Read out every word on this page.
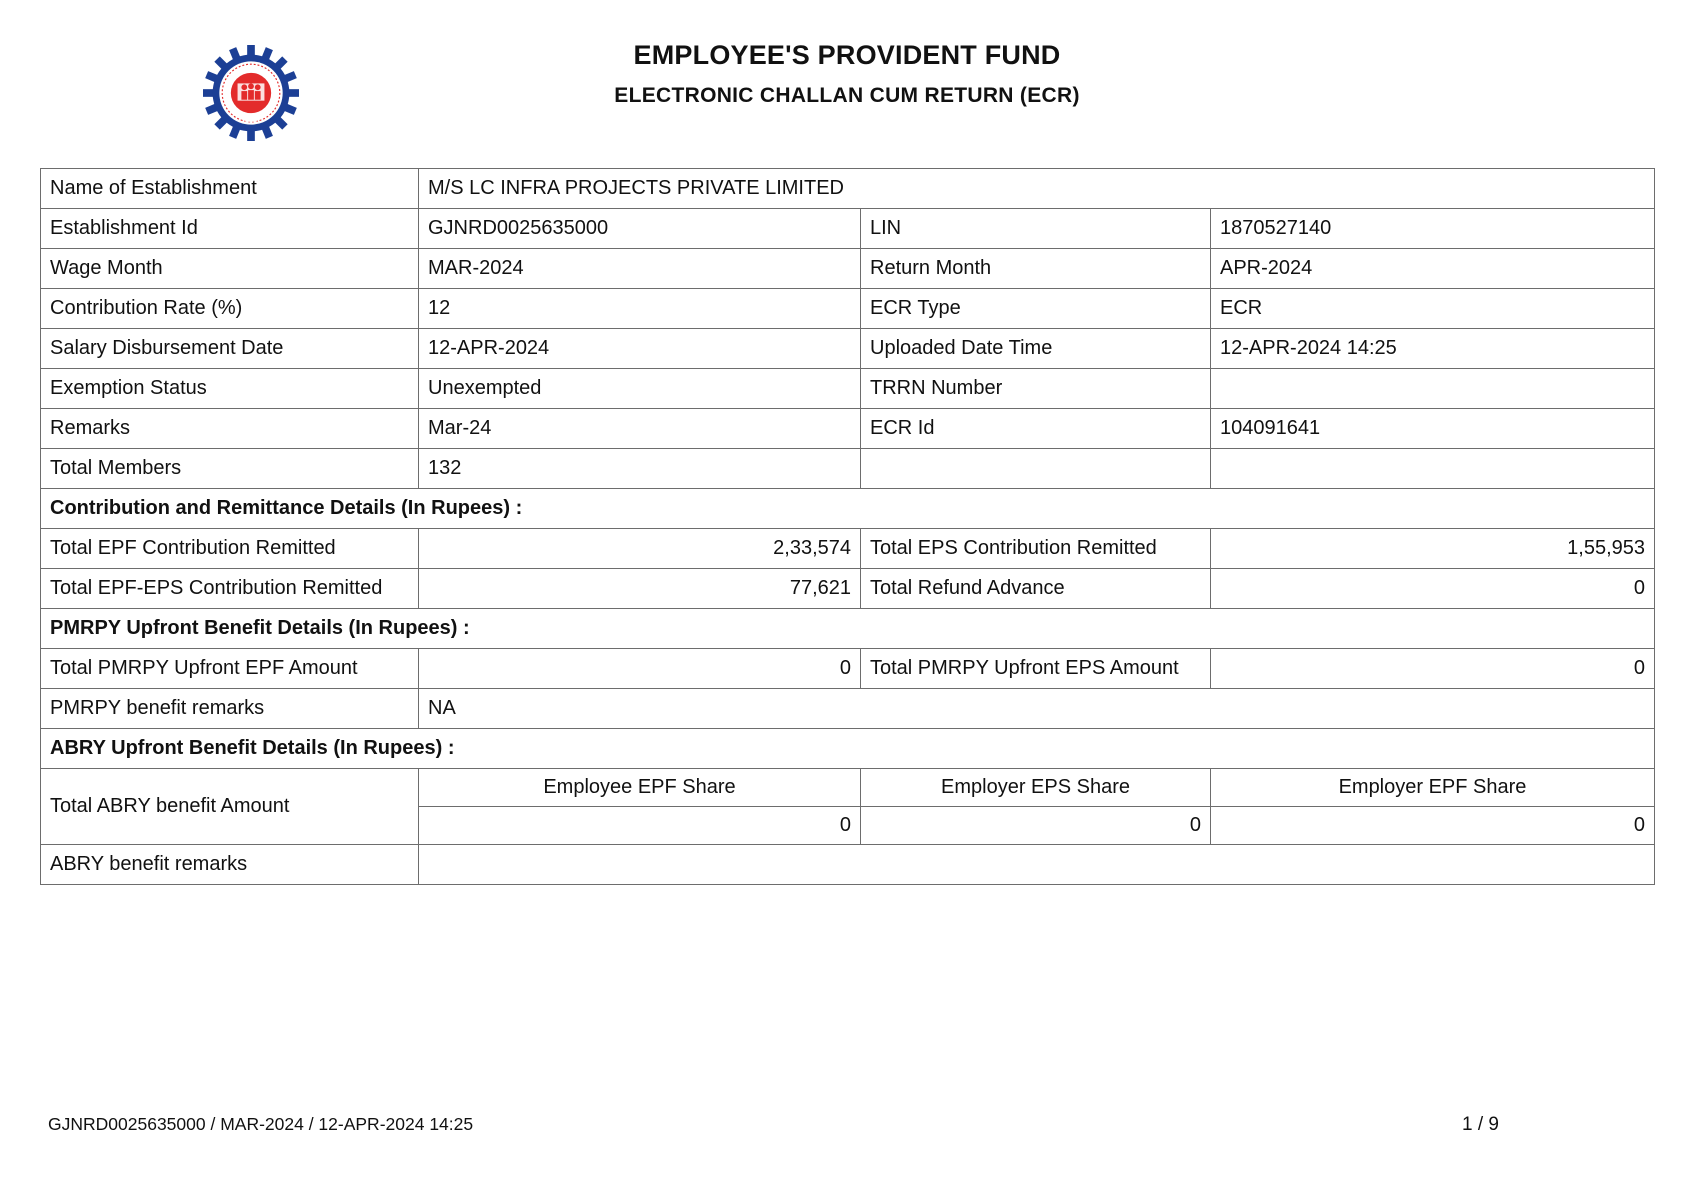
EMPLOYEE'S PROVIDENT FUND
ELECTRONIC CHALLAN CUM RETURN (ECR)
Name of Establishment	M/S LC INFRA PROJECTS PRIVATE LIMITED		
Establishment Id	GJNRD0025635000	LIN	1870527140
Wage Month	MAR-2024	Return Month	APR-2024
Contribution Rate (%)	12	ECR Type	ECR
Salary Disbursement Date	12-APR-2024	Uploaded Date Time	12-APR-2024 14:25
Exemption Status	Unexempted	TRRN Number	
Remarks	Mar-24	ECR Id	104091641
Total Members	132		
Contribution and Remittance Details (In Rupees) :			
Total EPF Contribution Remitted	2,33,574	Total EPS Contribution Remitted	1,55,953
Total EPF-EPS Contribution Remitted	77,621	Total Refund Advance	0
PMRPY Upfront Benefit Details (In Rupees) :			
Total PMRPY Upfront EPF Amount	0	Total PMRPY Upfront EPS Amount	0
PMRPY benefit remarks	NA		
ABRY Upfront Benefit Details (In Rupees) :			
Total ABRY benefit Amount	Employee EPF Share	Employer EPS Share	Employer EPF Share
	0	0	0
ABRY benefit remarks			
GJNRD0025635000 / MAR-2024 / 12-APR-2024 14:25	1 / 9
